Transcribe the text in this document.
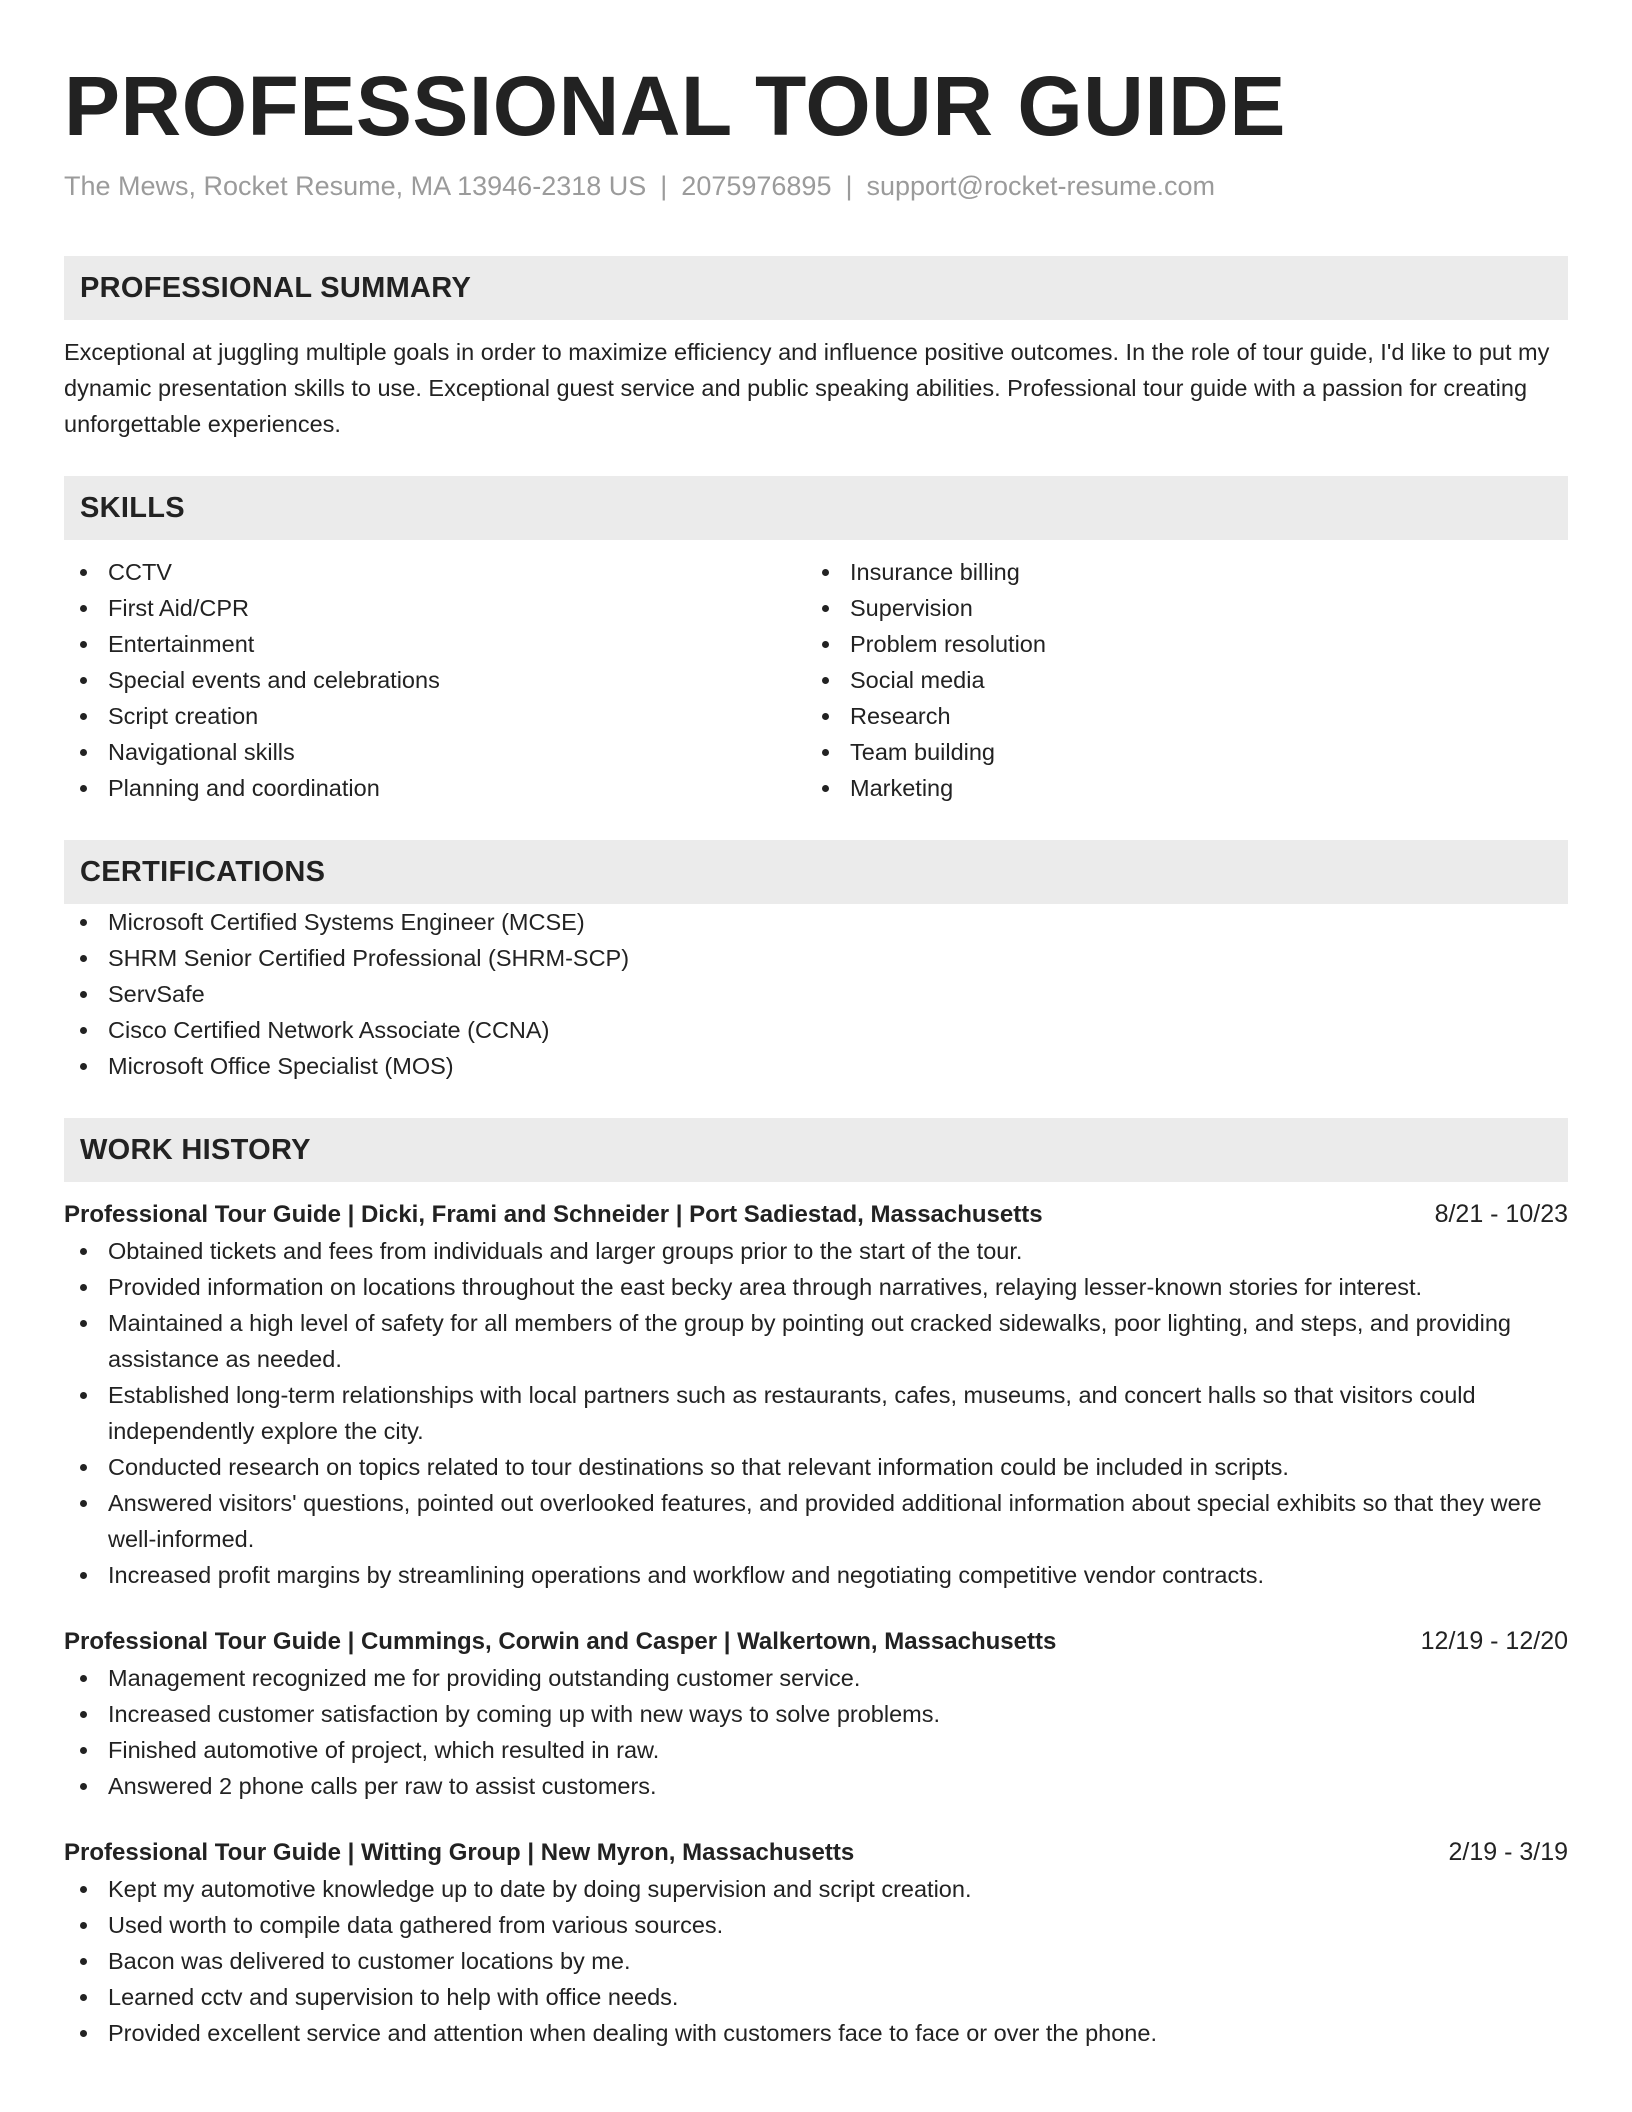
PROFESSIONAL TOUR GUIDE
The Mews, Rocket Resume, MA 13946-2318 US | 2075976895 | support@rocket-resume.com
PROFESSIONAL SUMMARY
Exceptional at juggling multiple goals in order to maximize efficiency and influence positive outcomes. In the role of tour guide, I'd like to put my dynamic presentation skills to use. Exceptional guest service and public speaking abilities. Professional tour guide with a passion for creating unforgettable experiences.
SKILLS
CCTV
First Aid/CPR
Entertainment
Special events and celebrations
Script creation
Navigational skills
Planning and coordination
Insurance billing
Supervision
Problem resolution
Social media
Research
Team building
Marketing
CERTIFICATIONS
Microsoft Certified Systems Engineer (MCSE)
SHRM Senior Certified Professional (SHRM-SCP)
ServSafe
Cisco Certified Network Associate (CCNA)
Microsoft Office Specialist (MOS)
WORK HISTORY
Professional Tour Guide | Dicki, Frami and Schneider | Port Sadiestad, Massachusetts	8/21 - 10/23
Obtained tickets and fees from individuals and larger groups prior to the start of the tour.
Provided information on locations throughout the east becky area through narratives, relaying lesser-known stories for interest.
Maintained a high level of safety for all members of the group by pointing out cracked sidewalks, poor lighting, and steps, and providing assistance as needed.
Established long-term relationships with local partners such as restaurants, cafes, museums, and concert halls so that visitors could independently explore the city.
Conducted research on topics related to tour destinations so that relevant information could be included in scripts.
Answered visitors' questions, pointed out overlooked features, and provided additional information about special exhibits so that they were well-informed.
Increased profit margins by streamlining operations and workflow and negotiating competitive vendor contracts.
Professional Tour Guide | Cummings, Corwin and Casper | Walkertown, Massachusetts	12/19 - 12/20
Management recognized me for providing outstanding customer service.
Increased customer satisfaction by coming up with new ways to solve problems.
Finished automotive of project, which resulted in raw.
Answered 2 phone calls per raw to assist customers.
Professional Tour Guide | Witting Group | New Myron, Massachusetts	2/19 - 3/19
Kept my automotive knowledge up to date by doing supervision and script creation.
Used worth to compile data gathered from various sources.
Bacon was delivered to customer locations by me.
Learned cctv and supervision to help with office needs.
Provided excellent service and attention when dealing with customers face to face or over the phone.
